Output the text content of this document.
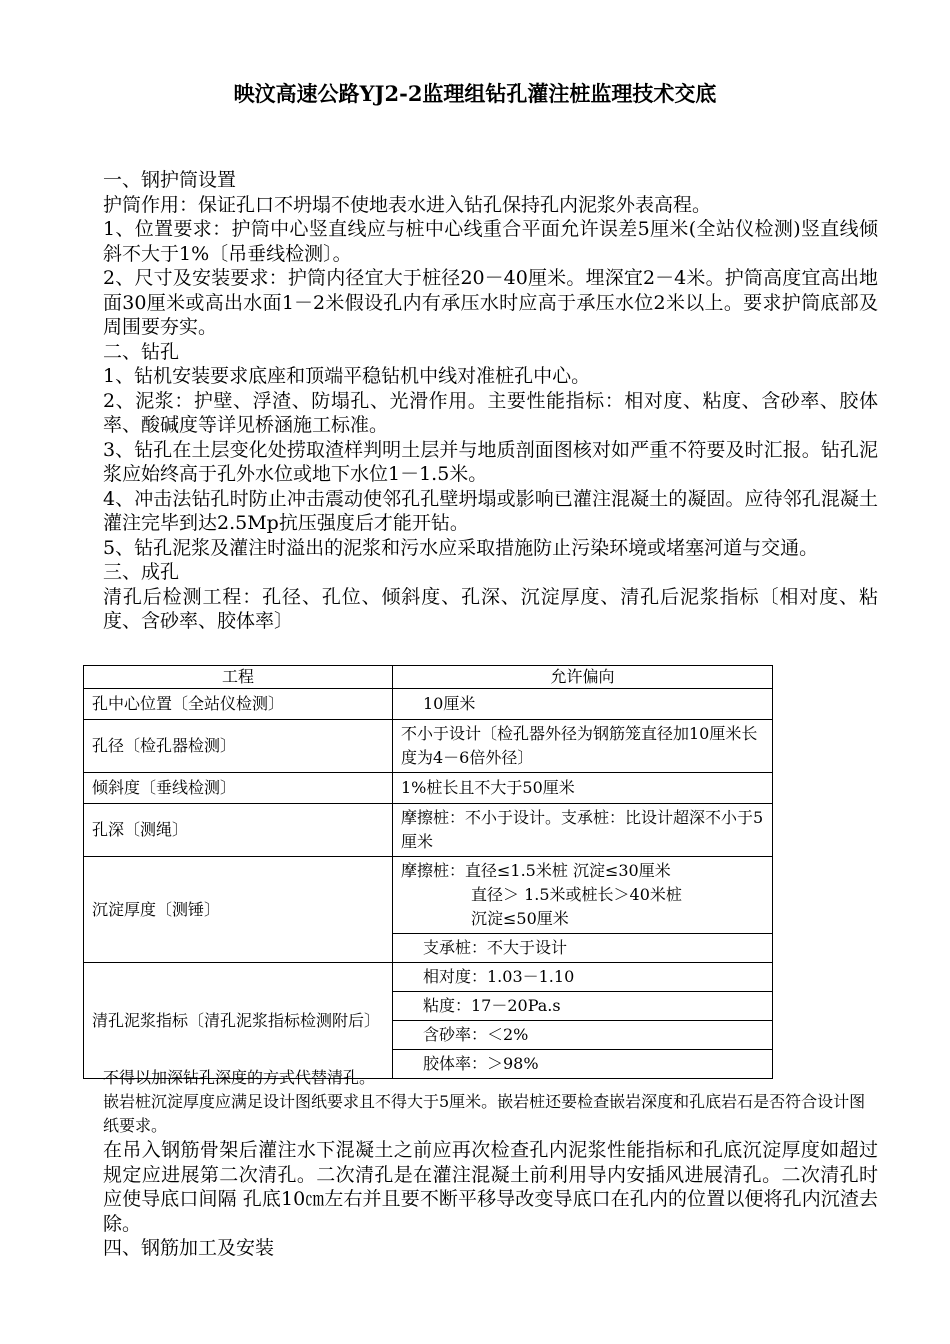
映汶高速公路YJ2-2监理组钻孔灌注桩监理技术交底

一、钢护筒设置

护筒作用：保证孔口不坍塌不使地表水进入钻孔保持孔内泥浆外表高程。

1、位置要求：护筒中心竖直线应与桩中心线重合平面允许误差5厘米(全站仪检测)竖直线倾斜不大于1%〔吊垂线检测〕。

2、尺寸及安装要求：护筒内径宜大于桩径20－40厘米。埋深宜2－4米。护筒高度宜高出地面30厘米或高出水面1－2米假设孔内有承压水时应高于承压水位2米以上。要求护筒底部及周围要夯实。

二、钻孔

1、钻机安装要求底座和顶端平稳钻机中线对准桩孔中心。

2、泥浆：护壁、浮渣、防塌孔、光滑作用。主要性能指标：相对度、粘度、含砂率、胶体率、酸碱度等详见桥涵施工标准。

3、钻孔在土层变化处捞取渣样判明土层并与地质剖面图核对如严重不符要及时汇报。钻孔泥浆应始终高于孔外水位或地下水位1－1.5米。

4、冲击法钻孔时防止冲击震动使邻孔孔壁坍塌或影响已灌注混凝土的凝固。应待邻孔混凝土灌注完毕到达2.5Mp抗压强度后才能开钻。

5、钻孔泥浆及灌注时溢出的泥浆和污水应采取措施防止污染环境或堵塞河道与交通。

三、成孔

清孔后检测工程：孔径、孔位、倾斜度、孔深、沉淀厚度、清孔后泥浆指标〔相对度、粘度、含砂率、胶体率〕

工程	允许偏向
孔中心位置〔全站仪检测〕	10厘米
孔径〔检孔器检测〕	不小于设计〔检孔器外径为钢筋笼直径加10厘米长度为4－6倍外径〕
倾斜度〔垂线检测〕	1%桩长且不大于50厘米
孔深〔测绳〕	摩擦桩：不小于设计。支承桩：比设计超深不小于5厘米
沉淀厚度〔测锤〕	摩擦桩：直径≤1.5米桩 沉淀≤30厘米
直径＞ 1.5米或桩长＞40米桩
沉淀≤50厘米

	支承桩：不大于设计
清孔泥浆指标〔清孔泥浆指标检测附后〕	相对度：1.03－1.10
	粘度：17－20Pa.s
	含砂率：＜2%
	胶体率：＞98%

不得以加深钻孔深度的方式代替清孔。

嵌岩桩沉淀厚度应满足设计图纸要求且不得大于5厘米。嵌岩桩还要检查嵌岩深度和孔底岩石是否符合设计图纸要求。

在吊入钢筋骨架后灌注水下混凝土之前应再次检查孔内泥浆性能指标和孔底沉淀厚度如超过规定应进展第二次清孔。二次清孔是在灌注混凝土前利用导内安插风进展清孔。二次清孔时应使导底口间隔 孔底10㎝左右并且要不断平移导改变导底口在孔内的位置以便将孔内沉渣去除。

四、钢筋加工及安装
